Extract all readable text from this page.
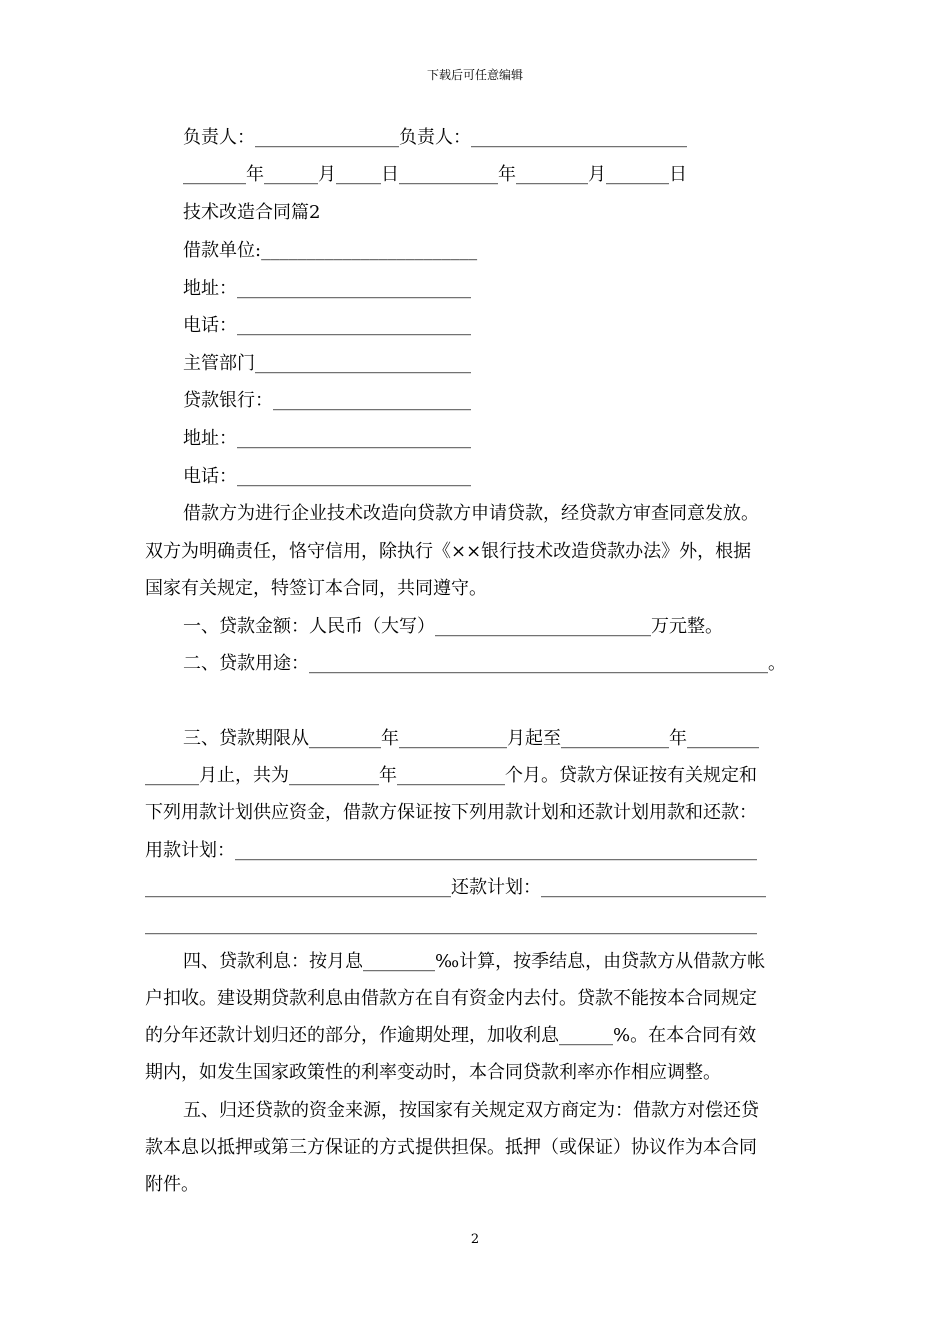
下载后可任意编辑
负责人：________________负责人：________________________
_______年______月_____日___________年________月_______日
技术改造合同篇2
借款单位:________________________
地址：__________________________
电话：__________________________
主管部门________________________
贷款银行：______________________
地址：__________________________
电话：__________________________
借款方为进行企业技术改造向贷款方申请贷款，经贷款方审查同意发放。
双方为明确责任，恪守信用，除执行《××银行技术改造贷款办法》外，根据
国家有关规定，特签订本合同，共同遵守。
一、贷款金额：人民币（大写）________________________万元整。
二、贷款用途：___________________________________________________。
三、贷款期限从________年____________月起至____________年________
______月止，共为__________年____________个月。贷款方保证按有关规定和
下列用款计划供应资金，借款方保证按下列用款计划和还款计划用款和还款：
用款计划：__________________________________________________________
__________________________________还款计划：_________________________
____________________________________________________________________
四、贷款利息：按月息________‰计算，按季结息，由贷款方从借款方帐
户扣收。建设期贷款利息由借款方在自有资金内去付。贷款不能按本合同规定
的分年还款计划归还的部分，作逾期处理，加收利息______%。在本合同有效
期内，如发生国家政策性的利率变动时，本合同贷款利率亦作相应调整。
五、归还贷款的资金来源，按国家有关规定双方商定为：借款方对偿还贷
款本息以抵押或第三方保证的方式提供担保。抵押（或保证）协议作为本合同
附件。
2
